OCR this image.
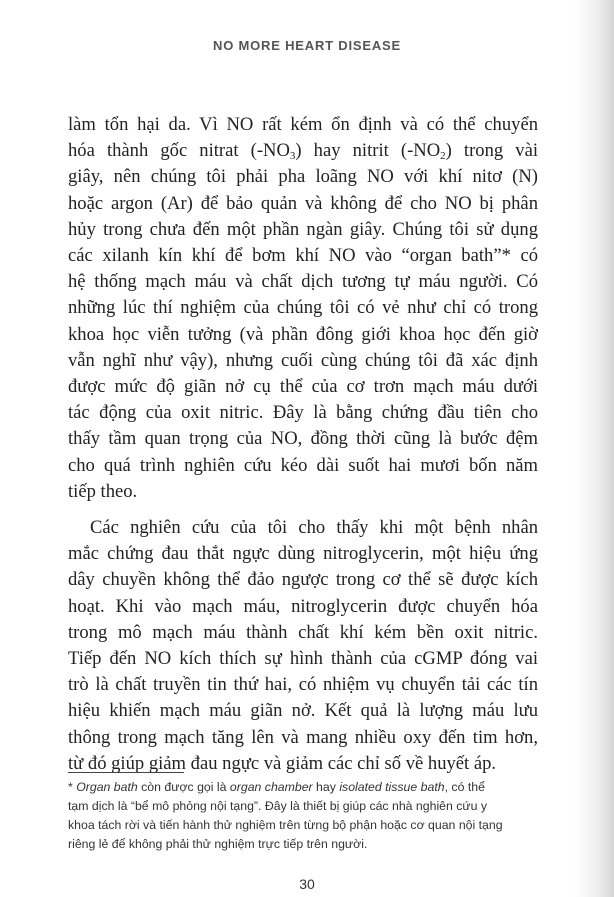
NO MORE HEART DISEASE

làm tổn hại da. Vì NO rất kém ổn định và có thể chuyển
hóa thành gốc nitrat $(-NO_3)$ hay nitrit $(-NO_2)$ trong vài
giây, nên chúng tôi phải pha loãng NO với khí nitơ (N)
hoặc argon (Ar) để bảo quản và không để cho NO bị phân
hủy trong chưa đến một phần ngàn giây. Chúng tôi sử dụng
các xilanh kín khí để bơm khí NO vào “organ bath”* có
hệ thống mạch máu và chất dịch tương tự máu người. Có
những lúc thí nghiệm của chúng tôi có vẻ như chỉ có trong
khoa học viễn tưởng (và phần đông giới khoa học đến giờ
vẫn nghĩ như vậy), nhưng cuối cùng chúng tôi đã xác định
được mức độ giãn nở cụ thể của cơ trơn mạch máu dưới
tác động của oxit nitric. Đây là bằng chứng đầu tiên cho
thấy tầm quan trọng của NO, đồng thời cũng là bước đệm
cho quá trình nghiên cứu kéo dài suốt hai mươi bốn năm
tiếp theo.

Các nghiên cứu của tôi cho thấy khi một bệnh nhân
mắc chứng đau thắt ngực dùng nitroglycerin, một hiệu ứng
dây chuyền không thể đảo ngược trong cơ thể sẽ được kích
hoạt. Khi vào mạch máu, nitroglycerin được chuyển hóa
trong mô mạch máu thành chất khí kém bền oxit nitric.
Tiếp đến NO kích thích sự hình thành của cGMP đóng vai
trò là chất truyền tin thứ hai, có nhiệm vụ chuyển tải các tín
hiệu khiến mạch máu giãn nở. Kết quả là lượng máu lưu
thông trong mạch tăng lên và mang nhiều oxy đến tim hơn,
từ đó giúp giảm đau ngực và giảm các chỉ số về huyết áp.

* Organ bath còn được gọi là organ chamber hay isolated tissue bath, có thể
tạm dịch là “bể mô phỏng nội tạng”. Đây là thiết bị giúp các nhà nghiên cứu y
khoa tách rời và tiến hành thử nghiệm trên từng bộ phận hoặc cơ quan nội tạng
riêng lẻ để không phải thử nghiệm trực tiếp trên người.
30
